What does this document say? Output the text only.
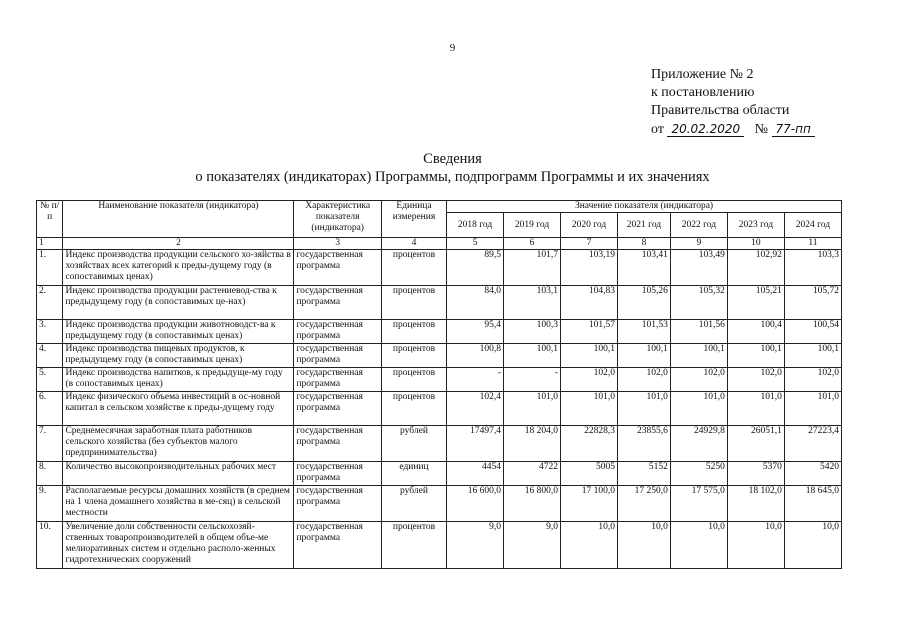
9
Приложение № 2
к постановлению
Правительства области
от 20.02.2020 № 77-пп
Сведения
о показателях (индикаторах) Программы, подпрограмм Программы и их значениях
№ п/п	Наименование показателя (индикатора)	Характеристика показателя (индикатора)	Единица измерения	Значение показателя (индикатора)						
				2018 год	2019 год	2020 год	2021 год	2022 год	2023 год	2024 год
1	2	3	4	5	6	7	8	9	10	11
1.	Индекс производства продукции сельского хо-зяйства в хозяйствах всех категорий к преды-дущему году (в сопоставимых ценах)	государственная программа	процентов	89,5	101,7	103,19	103,41	103,49	102,92	103,3
2.	Индекс производства продукции растениевод-ства к предыдущему году (в сопоставимых це-нах)	государственная программа	процентов	84,0	103,1	104,83	105,26	105,32	105,21	105,72
3.	Индекс производства продукции животноводст-ва к предыдущему году (в сопоставимых ценах)	государственная программа	процентов	95,4	100,3	101,57	101,53	101,56	100,4	100,54
4.	Индекс производства пищевых продуктов, к предыдущему году (в сопоставимых ценах)	государственная программа	процентов	100,8	100,1	100,1	100,1	100,1	100,1	100,1
5.	Индекс производства напитков, к предыдуще-му году (в сопоставимых ценах)	государственная программа	процентов	-	-	102,0	102,0	102,0	102,0	102,0
6.	Индекс физического объема инвестиций в ос-новной капитал в сельском хозяйстве к преды-дущему году	государственная программа	процентов	102,4	101,0	101,0	101,0	101,0	101,0	101,0
7.	Среднемесячная заработная плата работников сельского хозяйства (без субъектов малого предпринимательства)	государственная программа	рублей	17497,4	18 204,0	22828,3	23855,6	24929,8	26051,1	27223,4
8.	Количество высокопроизводительных рабочих мест	государственная программа	единиц	4454	4722	5005	5152	5250	5370	5420
9.	Располагаемые ресурсы домашних хозяйств (в среднем на 1 члена домашнего хозяйства в ме-сяц) в сельской местности	государственная программа	рублей	16 600,0	16 800,0	17 100,0	17 250,0	17 575,0	18 102,0	18 645,0
10.	Увеличение доли собственности сельскохозяй-ственных товаропроизводителей в общем объе-ме мелиоративных систем и отдельно располо-женных гидротехнических сооружений	государственная программа	процентов	9,0	9,0	10,0	10,0	10,0	10,0	10,0
